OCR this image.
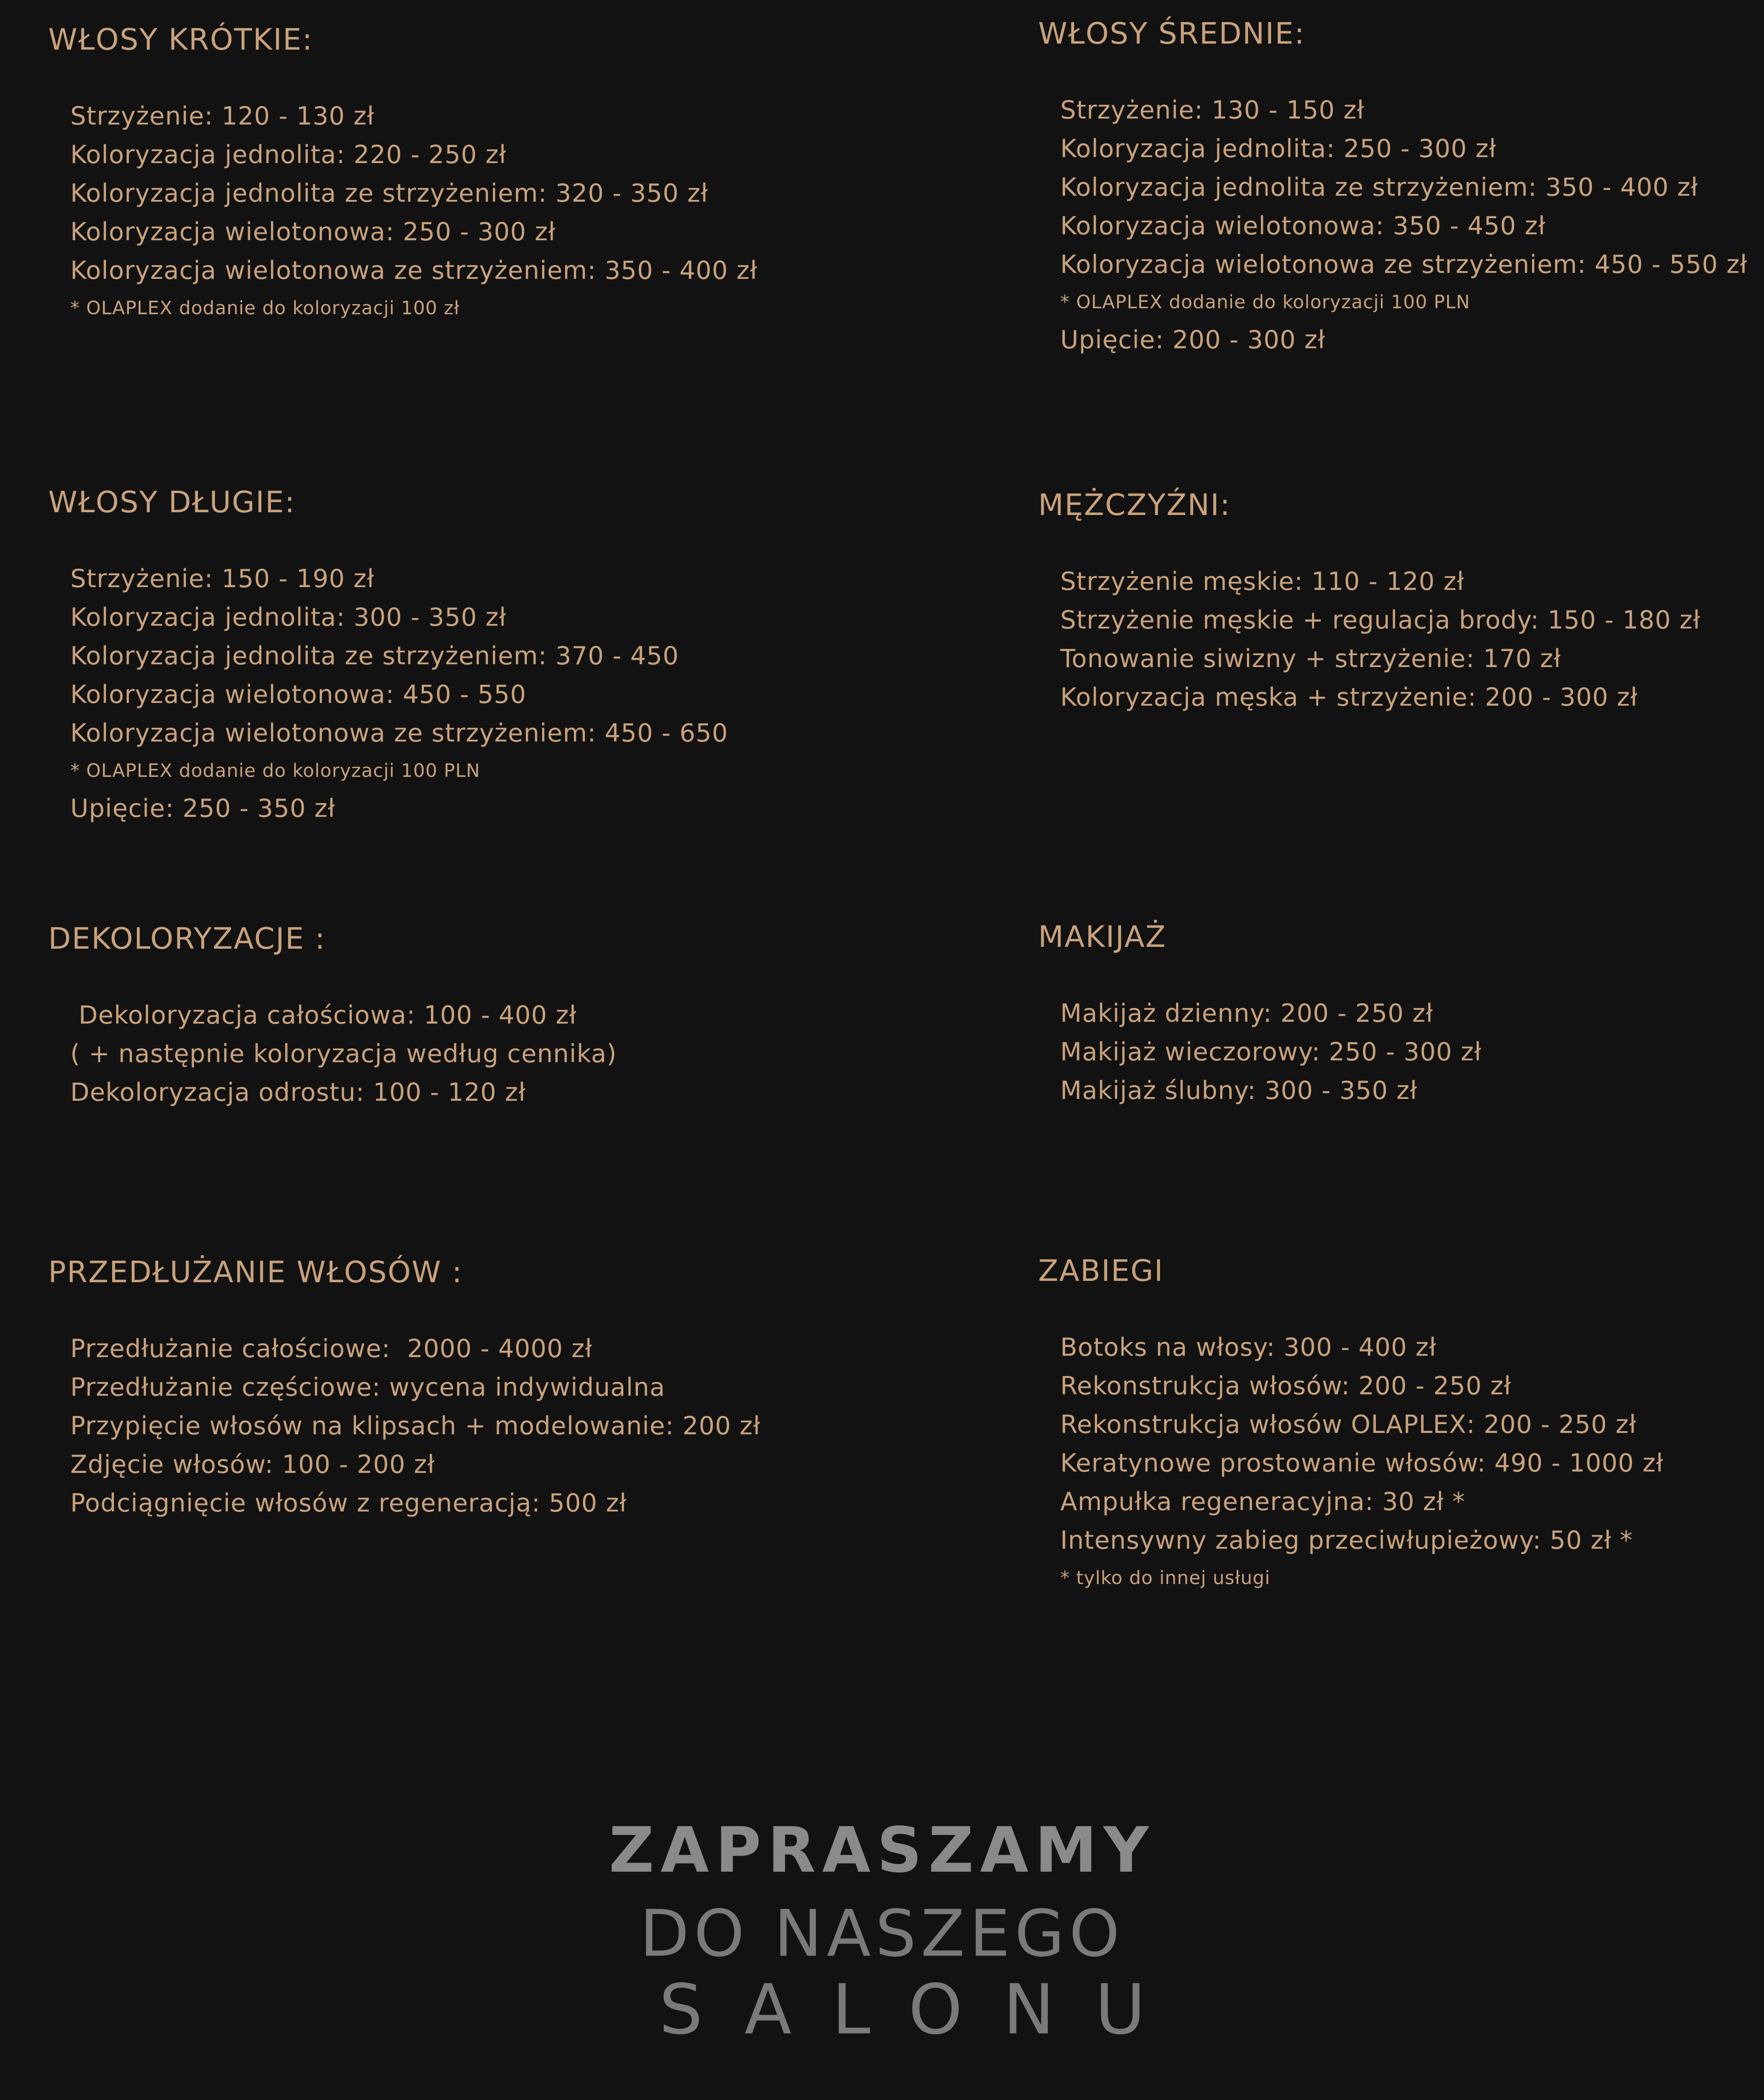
WŁOSY KRÓTKIE:
Strzyżenie: 120 - 130 zł
Koloryzacja jednolita: 220 - 250 zł
Koloryzacja jednolita ze strzyżeniem: 320 - 350 zł
Koloryzacja wielotonowa: 250 - 300 zł
Koloryzacja wielotonowa ze strzyżeniem: 350 - 400 zł
* OLAPLEX dodanie do koloryzacji 100 zł
WŁOSY ŚREDNIE:
Strzyżenie: 130 - 150 zł
Koloryzacja jednolita: 250 - 300 zł
Koloryzacja jednolita ze strzyżeniem: 350 - 400 zł
Koloryzacja wielotonowa: 350 - 450 zł
Koloryzacja wielotonowa ze strzyżeniem: 450 - 550 zł
* OLAPLEX dodanie do koloryzacji 100 PLN
Upięcie: 200 - 300 zł
WŁOSY DŁUGIE:
Strzyżenie: 150 - 190 zł
Koloryzacja jednolita: 300 - 350 zł
Koloryzacja jednolita ze strzyżeniem: 370 - 450
Koloryzacja wielotonowa: 450 - 550
Koloryzacja wielotonowa ze strzyżeniem: 450 - 650
* OLAPLEX dodanie do koloryzacji 100 PLN
Upięcie: 250 - 350 zł
MĘŻCZYŹNI:
Strzyżenie męskie: 110 - 120 zł
Strzyżenie męskie + regulacja brody: 150 - 180 zł
Tonowanie siwizny + strzyżenie: 170 zł
Koloryzacja męska + strzyżenie: 200 - 300 zł
DEKOLORYZACJE :
Dekoloryzacja całościowa: 100 - 400 zł
( + następnie koloryzacja według cennika)
Dekoloryzacja odrostu: 100 - 120 zł
MAKIJAŻ
Makijaż dzienny: 200 - 250 zł
Makijaż wieczorowy: 250 - 300 zł
Makijaż ślubny: 300 - 350 zł
PRZEDŁUŻANIE WŁOSÓW :
Przedłużanie całościowe:  2000 - 4000 zł
Przedłużanie częściowe: wycena indywidualna
Przypięcie włosów na klipsach + modelowanie: 200 zł
Zdjęcie włosów: 100 - 200 zł
Podciągnięcie włosów z regeneracją: 500 zł
ZABIEGI
Botoks na włosy: 300 - 400 zł
Rekonstrukcja włosów: 200 - 250 zł
Rekonstrukcja włosów OLAPLEX: 200 - 250 zł
Keratynowe prostowanie włosów: 490 - 1000 zł
Ampułka regeneracyjna: 30 zł *
Intensywny zabieg przeciwłupieżowy: 50 zł *
* tylko do innej usługi
ZAPRASZAMY
DO NASZEGO
SALONU
